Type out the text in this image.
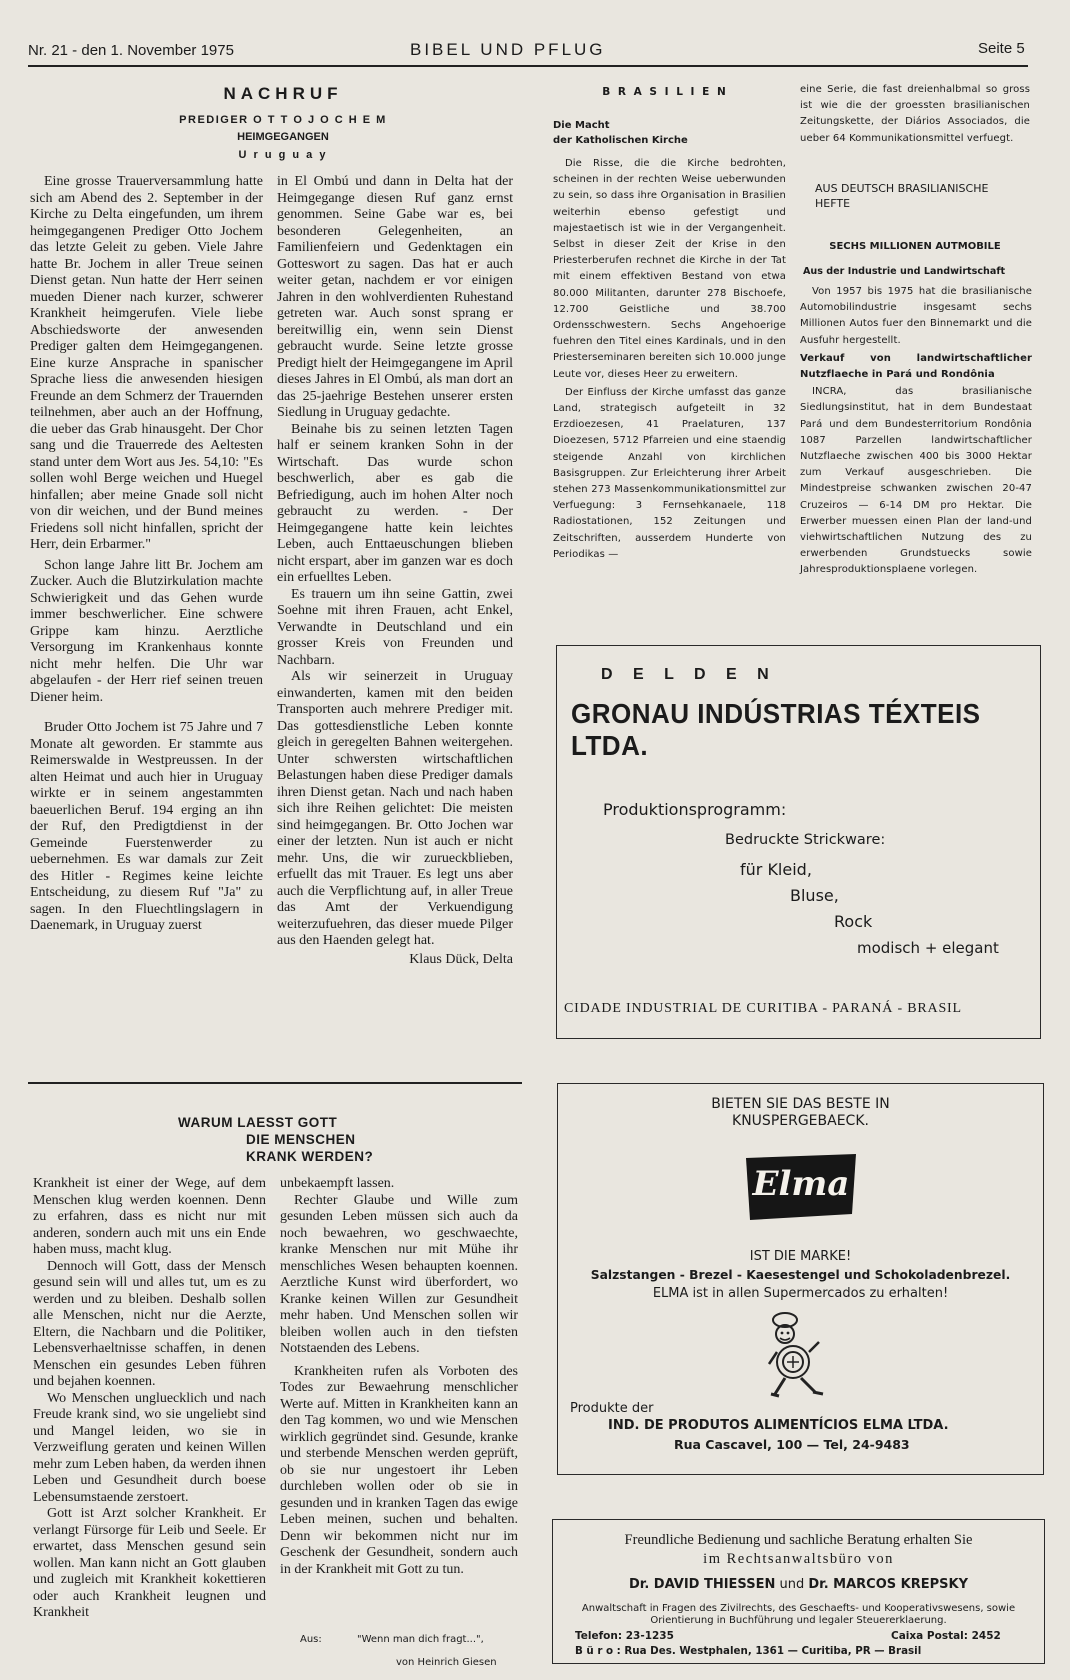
Nr. 21 - den 1. November 1975	BIBEL UND PFLUG	Seite 5
NACHRUF
PREDIGER O T T O J O C H E M
HEIMGEGANGEN
U r u g u a y

Eine grosse Trauerversammlung hatte sich am Abend des 2. September in der Kirche zu Delta eingefunden, um ihrem heimgegangenen Prediger Otto Jochem das letzte Geleit zu geben. Viele Jahre hatte Br. Jochem in aller Treue seinen Dienst getan. Nun hatte der Herr seinen mueden Diener nach kurzer, schwerer Krankheit heimgerufen. Viele liebe Abschiedsworte der anwesenden Prediger galten dem Heimgegangenen. Eine kurze Ansprache in spanischer Sprache liess die anwesenden hiesigen Freunde an dem Schmerz der Trauernden teilnehmen, aber auch an der Hoffnung, die ueber das Grab hinausgeht. Der Chor sang und die Trauerrede des Aeltesten stand unter dem Wort aus Jes. 54,10: "Es sollen wohl Berge weichen und Huegel hinfallen; aber meine Gnade soll nicht von dir weichen, und der Bund meines Friedens soll nicht hinfallen, spricht der Herr, dein Erbarmer."

Schon lange Jahre litt Br. Jochem am Zucker. Auch die Blutzirkulation machte Schwierigkeit und das Gehen wurde immer beschwerlicher. Eine schwere Grippe kam hinzu. Aerztliche Versorgung im Krankenhaus konnte nicht mehr helfen. Die Uhr war abgelaufen - der Herr rief seinen treuen Diener heim.

Bruder Otto Jochem ist 75 Jahre und 7 Monate alt geworden. Er stammte aus Reimerswalde in Westpreussen. In der alten Heimat und auch hier in Uruguay wirkte er in seinem angestammten baeuerlichen Beruf. 194 erging an ihn der Ruf, den Predigtdienst in der Gemeinde Fuerstenwerder zu uebernehmen. Es war damals zur Zeit des Hitler - Regimes keine leichte Entscheidung, zu diesem Ruf "Ja" zu sagen. In den Fluechtlingslagern in Daenemark, in Uruguay zuerst

in El Ombú und dann in Delta hat der Heimgegange diesen Ruf ganz ernst genommen. Seine Gabe war es, bei besonderen Gelegenheiten, an Familienfeiern und Gedenktagen ein Gotteswort zu sagen. Das hat er auch weiter getan, nachdem er vor einigen Jahren in den wohlverdienten Ruhestand getreten war. Auch sonst sprang er bereitwillig ein, wenn sein Dienst gebraucht wurde. Seine letzte grosse Predigt hielt der Heimgegangene im April dieses Jahres in El Ombú, als man dort an das 25-jaehrige Bestehen unserer ersten Siedlung in Uruguay gedachte.

Beinahe bis zu seinen letzten Tagen half er seinem kranken Sohn in der Wirtschaft. Das wurde schon beschwerlich, aber es gab die Befriedigung, auch im hohen Alter noch gebraucht zu werden. - Der Heimgegangene hatte kein leichtes Leben, auch Enttaeuschungen blieben nicht erspart, aber im ganzen war es doch ein erfuelltes Leben.

Es trauern um ihn seine Gattin, zwei Soehne mit ihren Frauen, acht Enkel, Verwandte in Deutschland und ein grosser Kreis von Freunden und Nachbarn.

Als wir seinerzeit in Uruguay einwanderten, kamen mit den beiden Transporten auch mehrere Prediger mit. Das gottesdienstliche Leben konnte gleich in geregelten Bahnen weitergehen. Unter schwersten wirtschaftlichen Belastungen haben diese Prediger damals ihren Dienst getan. Nach und nach haben sich ihre Reihen gelichtet: Die meisten sind heimgegangen. Br. Otto Jochen war einer der letzten. Nun ist auch er nicht mehr. Uns, die wir zurueckblieben, erfuellt das mit Trauer. Es legt uns aber auch die Verpflichtung auf, in aller Treue das Amt der Verkuendigung weiterzufuehren, das dieser muede Pilger aus den Haenden gelegt hat.

Klaus Dück, Delta
B R A S I L I E N
Die Macht
der Katholischen Kirche

Die Risse, die die Kirche bedrohten, scheinen in der rechten Weise ueberwunden zu sein, so dass ihre Organisation in Brasilien weiterhin ebenso gefestigt und majestaetisch ist wie in der Vergangenheit. Selbst in dieser Zeit der Krise in den Priesterberufen rechnet die Kirche in der Tat mit einem effektiven Bestand von etwa 80.000 Militanten, darunter 278 Bischoefe, 12.700 Geistliche und 38.700 Ordensschwestern. Sechs Angehoerige fuehren den Titel eines Kardinals, und in den Priesterseminaren bereiten sich 10.000 junge Leute vor, dieses Heer zu erweitern.

Der Einfluss der Kirche umfasst das ganze Land, strategisch aufgeteilt in 32 Erzdioezesen, 41 Praelaturen, 137 Dioezesen, 5712 Pfarreien und eine staendig steigende Anzahl von kirchlichen Basisgruppen. Zur Erleichterung ihrer Arbeit stehen 273 Massenkommunikationsmittel zur Verfuegung: 3 Fernsehkanaele, 118 Radiostationen, 152 Zeitungen und Zeitschriften, ausserdem Hunderte von Periodikas —

eine Serie, die fast dreienhalbmal so gross ist wie die der groessten brasilianischen Zeitungskette, der Diários Associados, die ueber 64 Kommunikationsmittel verfuegt.

AUS DEUTSCH BRASILIANISCHE HEFTE
SECHS MILLIONEN AUTMOBILE
Aus der Industrie und Landwirtschaft

Von 1957 bis 1975 hat die brasilianische Automobilindustrie insgesamt sechs Millionen Autos fuer den Binnemarkt und die Ausfuhr hergestellt.

Verkauf von landwirtschaftlicher Nutzflaeche in Pará und Rondônia

INCRA, das brasilianische Siedlungsinstitut, hat in dem Bundestaat Pará und dem Bundesterritorium Rondônia 1087 Parzellen landwirtschaftlicher Nutzflaeche zwischen 400 bis 3000 Hektar zum Verkauf ausgeschrieben. Die Mindestpreise schwanken zwischen 20-47 Cruzeiros — 6-14 DM pro Hektar. Die Erwerber muessen einen Plan der land-und viehwirtschaftlichen Nutzung des zu erwerbenden Grundstuecks sowie Jahresproduktionsplaene vorlegen.

D E L D E N
GRONAU INDÚSTRIAS TÉXTEIS LTDA.
Produktionsprogramm:
Bedruckte Strickware:
für Kleid,
Bluse,
Rock
modisch + elegant
CIDADE INDUSTRIAL DE CURITIBA - PARANÁ - BRASIL
WARUM LAESST GOTT
DIE MENSCHEN
KRANK WERDEN?

Krankheit ist einer der Wege, auf dem Menschen klug werden koennen. Denn zu erfahren, dass es nicht nur mit anderen, sondern auch mit uns ein Ende haben muss, macht klug.

Dennoch will Gott, dass der Mensch gesund sein will und alles tut, um es zu werden und zu bleiben. Deshalb sollen alle Menschen, nicht nur die Aerzte, Eltern, die Nachbarn und die Politiker, Lebensverhaeltnisse schaffen, in denen Menschen ein gesundes Leben führen und bejahen koennen.

Wo Menschen ungluecklich und nach Freude krank sind, wo sie ungeliebt sind und Mangel leiden, wo sie in Verzweiflung geraten und keinen Willen mehr zum Leben haben, da werden ihnen Leben und Gesundheit durch boese Lebensumstaende zerstoert.

Gott ist Arzt solcher Krankheit. Er verlangt Fürsorge für Leib und Seele. Er erwartet, dass Menschen gesund sein wollen. Man kann nicht an Gott glauben und zugleich mit Krankheit kokettieren oder auch Krankheit leugnen und Krankheit

unbekaempft lassen.

Rechter Glaube und Wille zum gesunden Leben müssen sich auch da noch bewaehren, wo geschwaechte, kranke Menschen nur mit Mühe ihr menschliches Wesen behaupten koennen. Aerztliche Kunst wird überfordert, wo Kranke keinen Willen zur Gesundheit mehr haben. Und Menschen sollen wir bleiben wollen auch in den tiefsten Notstaenden des Lebens.

Krankheiten rufen als Vorboten des Todes zur Bewaehrung menschlicher Werte auf. Mitten in Krankheiten kann an den Tag kommen, wo und wie Menschen wirklich gegründet sind. Gesunde, kranke und sterbende Menschen werden geprüft, ob sie nur ungestoert ihr Leben durchleben wollen oder ob sie in gesunden und in kranken Tagen das ewige Leben meinen, suchen und behalten. Denn wir bekommen nicht nur im Geschenk der Gesundheit, sondern auch in der Krankheit mit Gott zu tun.

Aus:	"Wenn man dich fragt...",
von Heinrich Giesen
BIETEN SIE DAS BESTE IN
KNUSPERGEBAECK.
Elma
IST DIE MARKE!
Salzstangen - Brezel - Kaesestengel und Schokoladenbrezel.
ELMA ist in allen Supermercados zu erhalten!
Produkte der
IND. DE PRODUTOS ALIMENTÍCIOS ELMA LTDA.
Rua Cascavel, 100 — Tel, 24-9483
Freundliche Bedienung und sachliche Beratung erhalten Sie
im Rechtsanwaltsbüro von
Dr. DAVID THIESSEN und Dr. MARCOS KREPSKY
Anwaltschaft in Fragen des Zivilrechts, des Geschaefts- und Kooperativswesens, sowie Orientierung in Buchführung und legaler Steuererklaerung.
Telefon: 23-1235	Caixa Postal: 2452
B ü r o : Rua Des. Westphalen, 1361 — Curitiba, PR — Brasil
